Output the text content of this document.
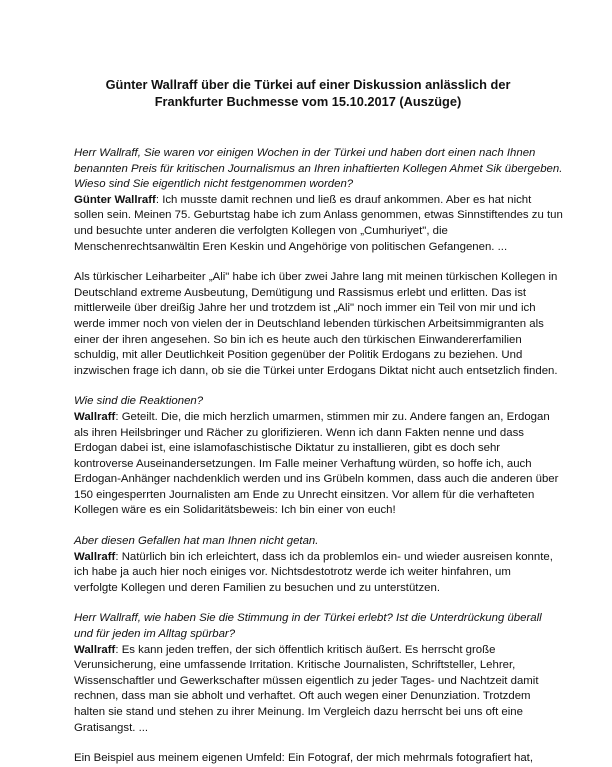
Günter Wallraff über die Türkei auf einer Diskussion anlässlich der
Frankfurter Buchmesse vom 15.10.2017 (Auszüge)
Herr Wallraff, Sie waren vor einigen Wochen in der Türkei und haben dort einen nach Ihnen
benannten Preis für kritischen Journalismus an Ihren inhaftierten Kollegen Ahmet Sik übergeben.
Wieso sind Sie eigentlich nicht festgenommen worden?
Günter Wallraff: Ich musste damit rechnen und ließ es drauf ankommen. Aber es hat nicht
sollen sein. Meinen 75. Geburtstag habe ich zum Anlass genommen, etwas Sinnstiftendes zu tun
und besuchte unter anderen die verfolgten Kollegen von „Cumhuriyet", die
Menschenrechtsanwältin Eren Keskin und Angehörige von politischen Gefangenen. ...
Als türkischer Leiharbeiter „Ali" habe ich über zwei Jahre lang mit meinen türkischen Kollegen in
Deutschland extreme Ausbeutung, Demütigung und Rassismus erlebt und erlitten. Das ist
mittlerweile über dreißig Jahre her und trotzdem ist „Ali" noch immer ein Teil von mir und ich
werde immer noch von vielen der in Deutschland lebenden türkischen Arbeitsimmigranten als
einer der ihren angesehen. So bin ich es heute auch den türkischen Einwandererfamilien
schuldig, mit aller Deutlichkeit Position gegenüber der Politik Erdogans zu beziehen. Und
inzwischen frage ich dann, ob sie die Türkei unter Erdogans Diktat nicht auch entsetzlich finden.
Wie sind die Reaktionen?
Wallraff: Geteilt. Die, die mich herzlich umarmen, stimmen mir zu. Andere fangen an, Erdogan
als ihren Heilsbringer und Rächer zu glorifizieren. Wenn ich dann Fakten nenne und dass
Erdogan dabei ist, eine islamofaschistische Diktatur zu installieren, gibt es doch sehr
kontroverse Auseinandersetzungen. Im Falle meiner Verhaftung würden, so hoffe ich, auch
Erdogan-Anhänger nachdenklich werden und ins Grübeln kommen, dass auch die anderen über
150 eingesperrten Journalisten am Ende zu Unrecht einsitzen. Vor allem für die verhafteten
Kollegen wäre es ein Solidaritätsbeweis: Ich bin einer von euch!
Aber diesen Gefallen hat man Ihnen nicht getan.
Wallraff: Natürlich bin ich erleichtert, dass ich da problemlos ein- und wieder ausreisen konnte,
ich habe ja auch hier noch einiges vor. Nichtsdestotrotz werde ich weiter hinfahren, um
verfolgte Kollegen und deren Familien zu besuchen und zu unterstützen.
Herr Wallraff, wie haben Sie die Stimmung in der Türkei erlebt? Ist die Unterdrückung überall
und für jeden im Alltag spürbar?
Wallraff: Es kann jeden treffen, der sich öffentlich kritisch äußert. Es herrscht große
Verunsicherung, eine umfassende Irritation. Kritische Journalisten, Schriftsteller, Lehrer,
Wissenschaftler und Gewerkschafter müssen eigentlich zu jeder Tages- und Nachtzeit damit
rechnen, dass man sie abholt und verhaftet. Oft auch wegen einer Denunziation. Trotzdem
halten sie stand und stehen zu ihrer Meinung. Im Vergleich dazu herrscht bei uns oft eine
Gratisangst. ...
Ein Beispiel aus meinem eigenen Umfeld: Ein Fotograf, der mich mehrmals fotografiert hat,
